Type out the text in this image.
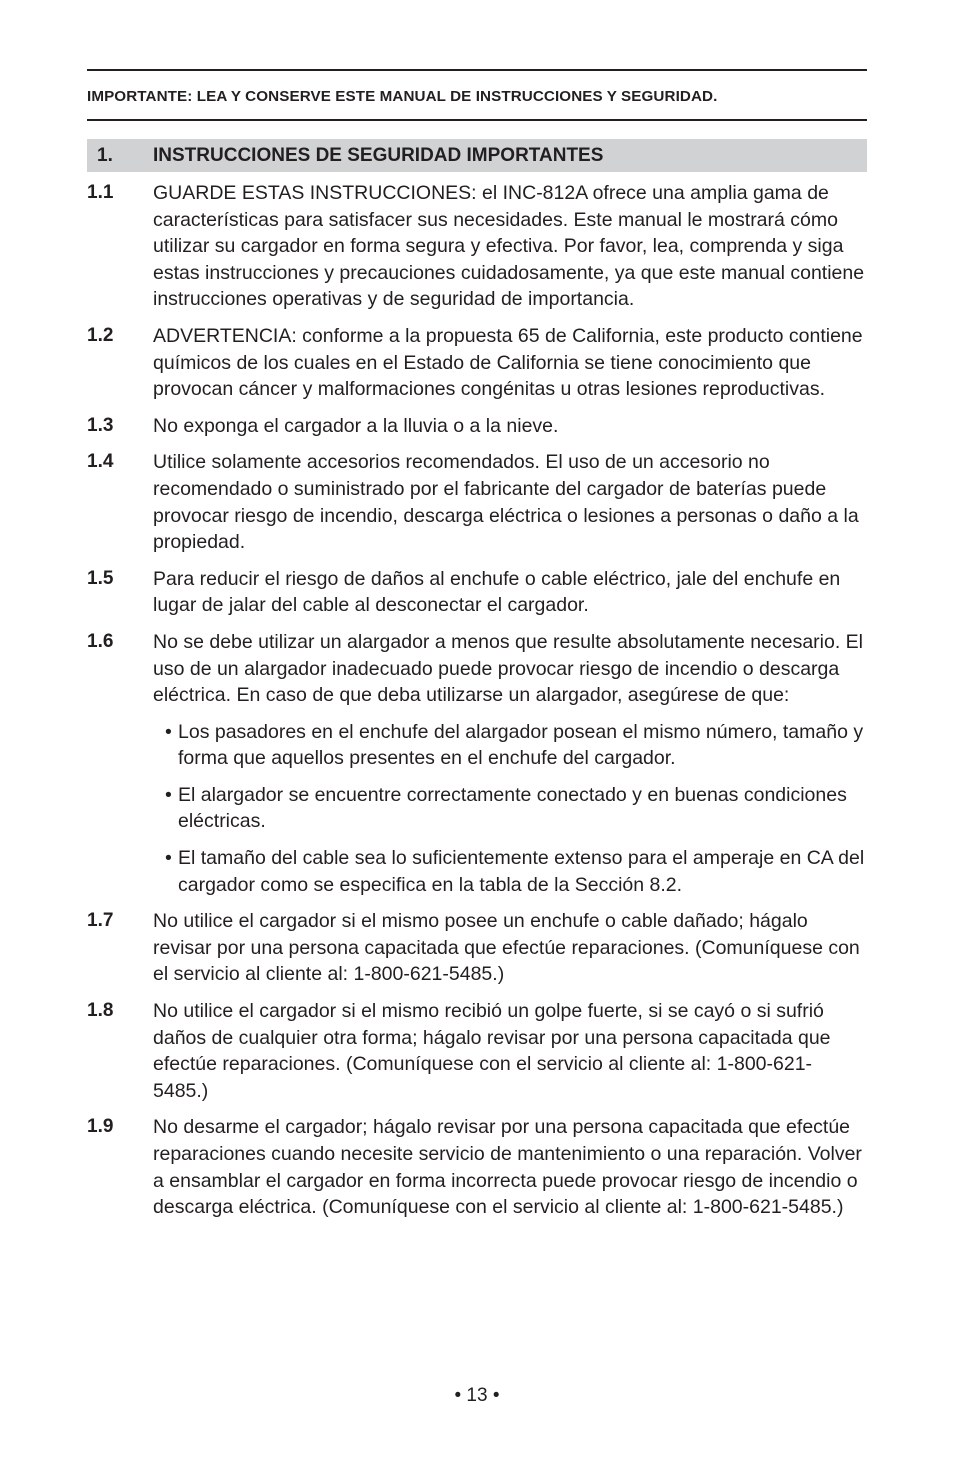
IMPORTANTE: LEA Y CONSERVE ESTE MANUAL DE INSTRUCCIONES Y SEGURIDAD.
1. INSTRUCCIONES DE SEGURIDAD IMPORTANTES
1.1 GUARDE ESTAS INSTRUCCIONES: el INC-812A ofrece una amplia gama de características para satisfacer sus necesidades. Este manual le mostrará cómo utilizar su cargador en forma segura y efectiva. Por favor, lea, comprenda y siga estas instrucciones y precauciones cuidadosamente, ya que este manual contiene instrucciones operativas y de seguridad de importancia.
1.2 ADVERTENCIA: conforme a la propuesta 65 de California, este producto contiene químicos de los cuales en el Estado de California se tiene conocimiento que provocan cáncer y malformaciones congénitas u otras lesiones reproductivas.
1.3 No exponga el cargador a la lluvia o a la nieve.
1.4 Utilice solamente accesorios recomendados. El uso de un accesorio no recomendado o suministrado por el fabricante del cargador de baterías puede provocar riesgo de incendio, descarga eléctrica o lesiones a personas o daño a la propiedad.
1.5 Para reducir el riesgo de daños al enchufe o cable eléctrico, jale del enchufe en lugar de jalar del cable al desconectar el cargador.
1.6 No se debe utilizar un alargador a menos que resulte absolutamente necesario. El uso de un alargador inadecuado puede provocar riesgo de incendio o descarga eléctrica. En caso de que deba utilizarse un alargador, asegúrese de que:
• Los pasadores en el enchufe del alargador posean el mismo número, tamaño y forma que aquellos presentes en el enchufe del cargador.
• El alargador se encuentre correctamente conectado y en buenas condiciones eléctricas.
• El tamaño del cable sea lo suficientemente extenso para el amperaje en CA del cargador como se especifica en la tabla de la Sección 8.2.
1.7 No utilice el cargador si el mismo posee un enchufe o cable dañado; hágalo revisar por una persona capacitada que efectúe reparaciones. (Comuníquese con el servicio al cliente al: 1-800-621-5485.)
1.8 No utilice el cargador si el mismo recibió un golpe fuerte, si se cayó o si sufrió daños de cualquier otra forma; hágalo revisar por una persona capacitada que efectúe reparaciones. (Comuníquese con el servicio al cliente al: 1-800-621-5485.)
1.9 No desarme el cargador; hágalo revisar por una persona capacitada que efectúe reparaciones cuando necesite servicio de mantenimiento o una reparación. Volver a ensamblar el cargador en forma incorrecta puede provocar riesgo de incendio o descarga eléctrica. (Comuníquese con el servicio al cliente al: 1-800-621-5485.)
• 13 •
